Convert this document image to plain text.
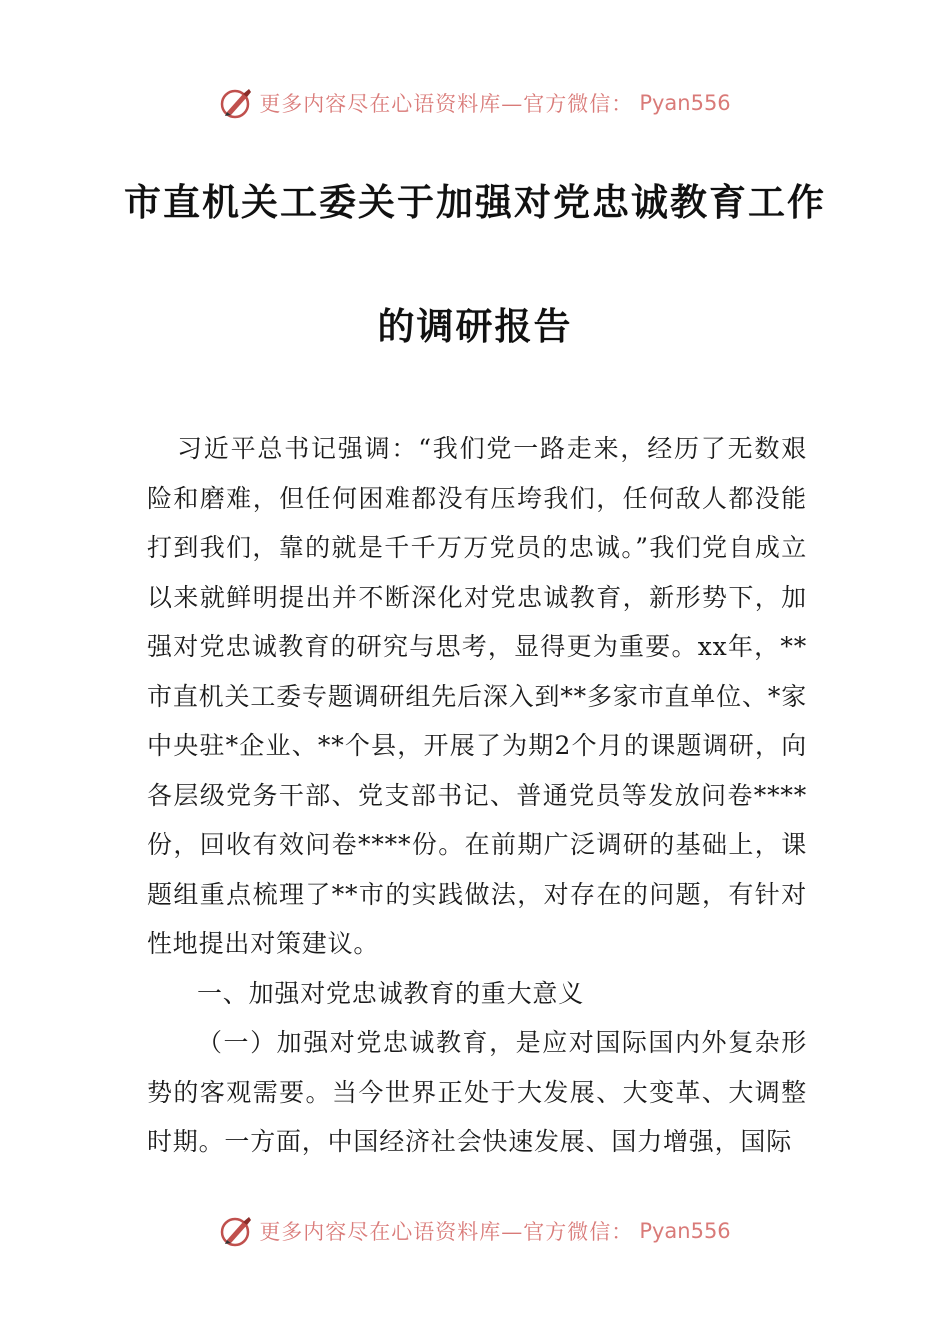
更多内容尽在心语资料库—官方微信： Pyan556
市直机关工委关于加强对党忠诚教育工作
的调研报告

习近平总书记强调：“我们党一路走来，经历了无数艰险和磨难，但任何困难都没有压垮我们，任何敌人都没能打到我们，靠的就是千千万万党员的忠诚。”我们党自成立以来就鲜明提出并不断深化对党忠诚教育，新形势下，加强对党忠诚教育的研究与思考，显得更为重要。xx年，**市直机关工委专题调研组先后深入到**多家市直单位、*家中央驻*企业、**个县，开展了为期2个月的课题调研，向各层级党务干部、党支部书记、普通党员等发放问卷****份，回收有效问卷****份。在前期广泛调研的基础上，课题组重点梳理了**市的实践做法，对存在的问题，有针对性地提出对策建议。

一、加强对党忠诚教育的重大意义

（一）加强对党忠诚教育，是应对国际国内外复杂形势的客观需要。当今世界正处于大发展、大变革、大调整时期。一方面，中国经济社会快速发展、国力增强，国际

更多内容尽在心语资料库—官方微信： Pyan556
